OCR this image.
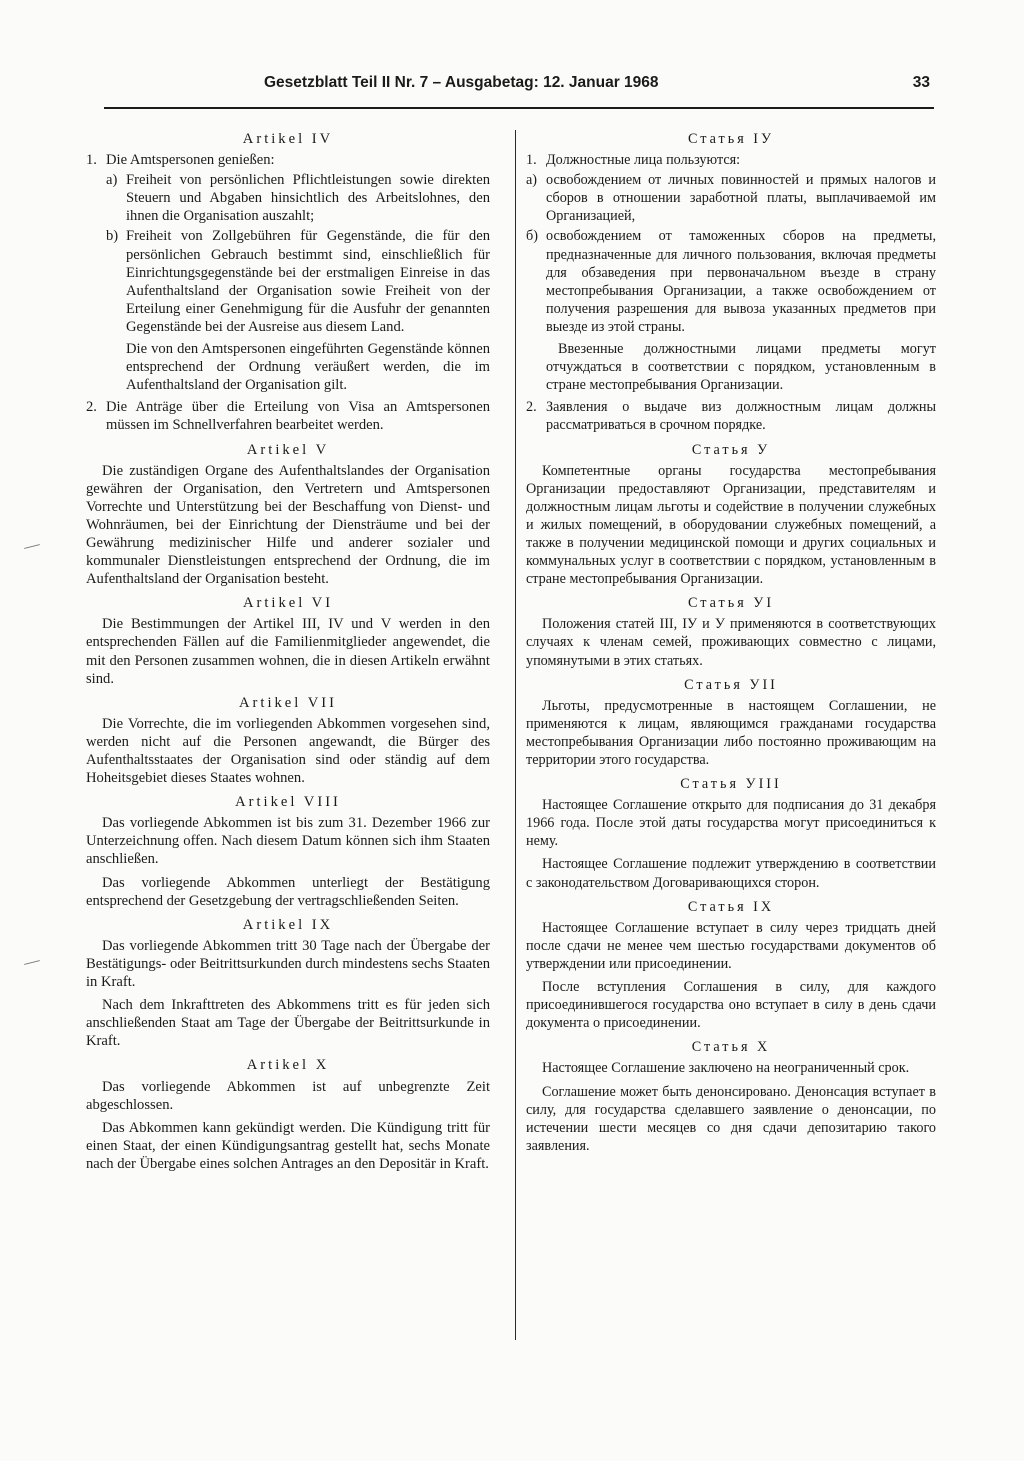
Gesetzblatt Teil II Nr. 7 – Ausgabetag: 12. Januar 1968	33
Artikel IV
1. Die Amtspersonen genießen:
a) Freiheit von persönlichen Pflichtleistungen sowie direkten Steuern und Abgaben hinsichtlich des Arbeitslohnes, den ihnen die Organisation auszahlt;
b) Freiheit von Zollgebühren für Gegenstände, die für den persönlichen Gebrauch bestimmt sind, einschließlich für Einrichtungsgegenstände bei der erstmaligen Einreise in das Aufenthaltsland der Organisation sowie Freiheit von der Erteilung einer Genehmigung für die Ausfuhr der genannten Gegenstände bei der Ausreise aus diesem Land.
Die von den Amtspersonen eingeführten Gegenstände können entsprechend der Ordnung veräußert werden, die im Aufenthaltsland der Organisation gilt.
2. Die Anträge über die Erteilung von Visa an Amtspersonen müssen im Schnellverfahren bearbeitet werden.
Artikel V
Die zuständigen Organe des Aufenthaltslandes der Organisation gewähren der Organisation, den Vertretern und Amtspersonen Vorrechte und Unterstützung bei der Beschaffung von Dienst- und Wohnräumen, bei der Einrichtung der Diensträume und bei der Gewährung medizinischer Hilfe und anderer sozialer und kommunaler Dienstleistungen entsprechend der Ordnung, die im Aufenthaltsland der Organisation besteht.
Artikel VI
Die Bestimmungen der Artikel III, IV und V werden in den entsprechenden Fällen auf die Familienmitglieder angewendet, die mit den Personen zusammen wohnen, die in diesen Artikeln erwähnt sind.
Artikel VII
Die Vorrechte, die im vorliegenden Abkommen vorgesehen sind, werden nicht auf die Personen angewandt, die Bürger des Aufenthaltsstaates der Organisation sind oder ständig auf dem Hoheitsgebiet dieses Staates wohnen.
Artikel VIII
Das vorliegende Abkommen ist bis zum 31. Dezember 1966 zur Unterzeichnung offen. Nach diesem Datum können sich ihm Staaten anschließen.
Das vorliegende Abkommen unterliegt der Bestätigung entsprechend der Gesetzgebung der vertragschließenden Seiten.
Artikel IX
Das vorliegende Abkommen tritt 30 Tage nach der Übergabe der Bestätigungs- oder Beitrittsurkunden durch mindestens sechs Staaten in Kraft.
Nach dem Inkrafttreten des Abkommens tritt es für jeden sich anschließenden Staat am Tage der Übergabe der Beitrittsurkunde in Kraft.
Artikel X
Das vorliegende Abkommen ist auf unbegrenzte Zeit abgeschlossen.
Das Abkommen kann gekündigt werden. Die Kündigung tritt für einen Staat, der einen Kündigungsantrag gestellt hat, sechs Monate nach der Übergabe eines solchen Antrages an den Depositär in Kraft.
Статья IУ
1. Должностные лица пользуются:
а) освобождением от личных повинностей и прямых налогов и сборов в отношении заработной платы, выплачиваемой им Организацией,
б) освобождением от таможенных сборов на предметы, предназначенные для личного пользования, включая предметы для обзаведения при первоначальном въезде в страну местопребывания Организации, а также освобождением от получения разрешения для вывоза указанных предметов при выезде из этой страны.
Ввезенные должностными лицами предметы могут отчуждаться в соответствии с порядком, установленным в стране местопребывания Организации.
2. Заявления о выдаче виз должностным лицам должны рассматриваться в срочном порядке.
Статья У
Компетентные органы государства местопребывания Организации предоставляют Организации, представителям и должностным лицам льготы и содействие в получении служебных и жилых помещений, в оборудовании служебных помещений, а также в получении медицинской помощи и других социальных и коммунальных услуг в соответствии с порядком, установленным в стране местопребывания Организации.
Статья УI
Положения статей III, IУ и У применяются в соответствующих случаях к членам семей, проживающих совместно с лицами, упомянутыми в этих статьях.
Статья УII
Льготы, предусмотренные в настоящем Соглашении, не применяются к лицам, являющимся гражданами государства местопребывания Организации либо постоянно проживающим на территории этого государства.
Статья УIII
Настоящее Соглашение открыто для подписания до 31 декабря 1966 года. После этой даты государства могут присоединиться к нему.
Настоящее Соглашение подлежит утверждению в соответствии с законодательством Договаривающихся сторон.
Статья IX
Настоящее Соглашение вступает в силу через тридцать дней после сдачи не менее чем шестью государствами документов об утверждении или присоединении.
После вступления Соглашения в силу, для каждого присоединившегося государства оно вступает в силу в день сдачи документа о присоединении.
Статья X
Настоящее Соглашение заключено на неограниченный срок.
Соглашение может быть денонсировано. Денонсация вступает в силу, для государства сделавшего заявление о денонсации, по истечении шести месяцев со дня сдачи депозитарию такого заявления.
